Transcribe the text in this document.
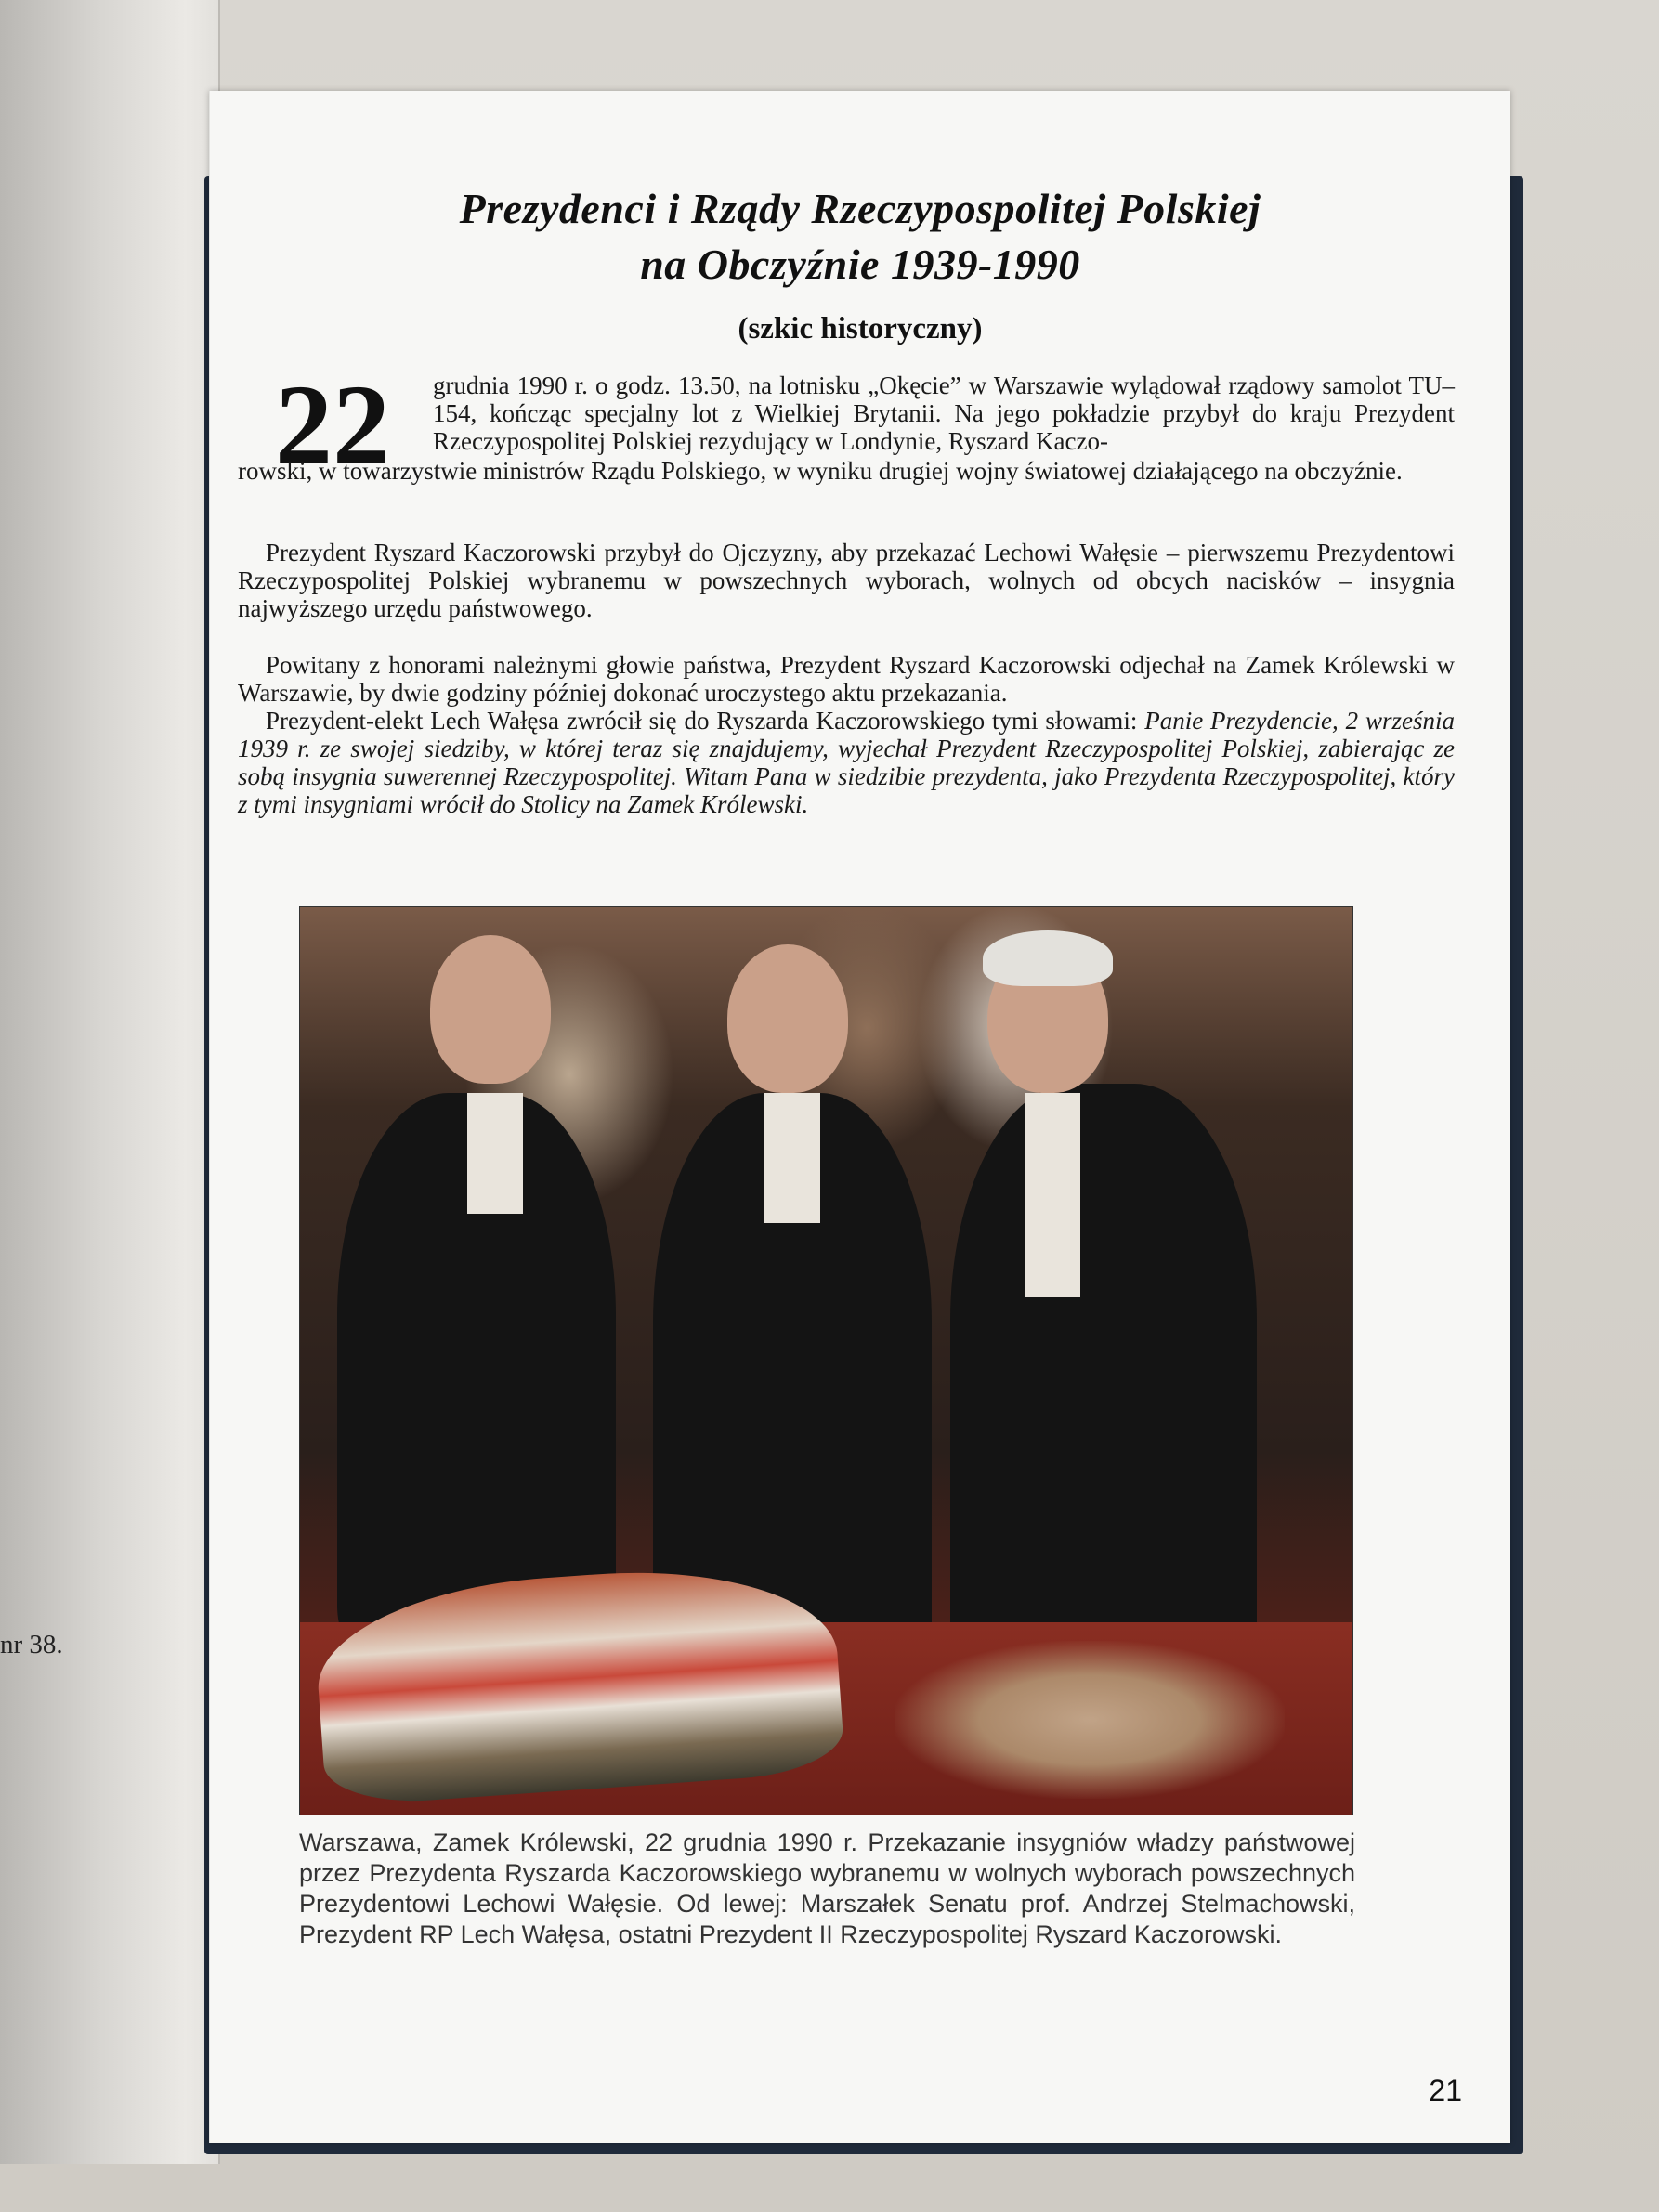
nr 38.
Prezydenci i Rządy Rzeczypospolitej Polskiej
na Obczyźnie 1939-1990
(szkic historyczny)
22 grudnia 1990 r. o godz. 13.50, na lotnisku „Okęcie” w Warszawie wylądował rządowy samolot TU–154, kończąc specjalny lot z Wielkiej Brytanii. Na jego pokładzie przybył do kraju Prezydent Rzeczypospolitej Polskiej rezydujący w Londynie, Ryszard Kaczo-
rowski, w towarzystwie ministrów Rządu Polskiego, w wyniku drugiej wojny światowej działającego na obczyźnie.
Prezydent Ryszard Kaczorowski przybył do Ojczyzny, aby przekazać Lechowi Wałęsie – pierwszemu Prezydentowi Rzeczypospolitej Polskiej wybranemu w powszechnych wyborach, wolnych od obcych nacisków – insygnia najwyższego urzędu państwowego.
Powitany z honorami należnymi głowie państwa, Prezydent Ryszard Kaczorowski odjechał na Zamek Królewski w Warszawie, by dwie godziny później dokonać uroczystego aktu przekazania.
Prezydent-elekt Lech Wałęsa zwrócił się do Ryszarda Kaczorowskiego tymi słowami: Panie Prezydencie, 2 września 1939 r. ze swojej siedziby, w której teraz się znajdujemy, wyjechał Prezydent Rzeczypospolitej Polskiej, zabierając ze sobą insygnia suwerennej Rzeczypospolitej. Witam Pana w siedzibie prezydenta, jako Prezydenta Rzeczypospolitej, który z tymi insygniami wrócił do Stolicy na Zamek Królewski.
Warszawa, Zamek Królewski, 22 grudnia 1990 r. Przekazanie insygniów władzy państwowej przez Prezydenta Ryszarda Kaczorowskiego wybranemu w wolnych wyborach powszechnych Prezydentowi Lechowi Wałęsie. Od lewej: Marszałek Senatu prof. Andrzej Stelmachowski, Prezydent RP Lech Wałęsa, ostatni Prezydent II Rzeczypospolitej Ryszard Kaczorowski.
21
